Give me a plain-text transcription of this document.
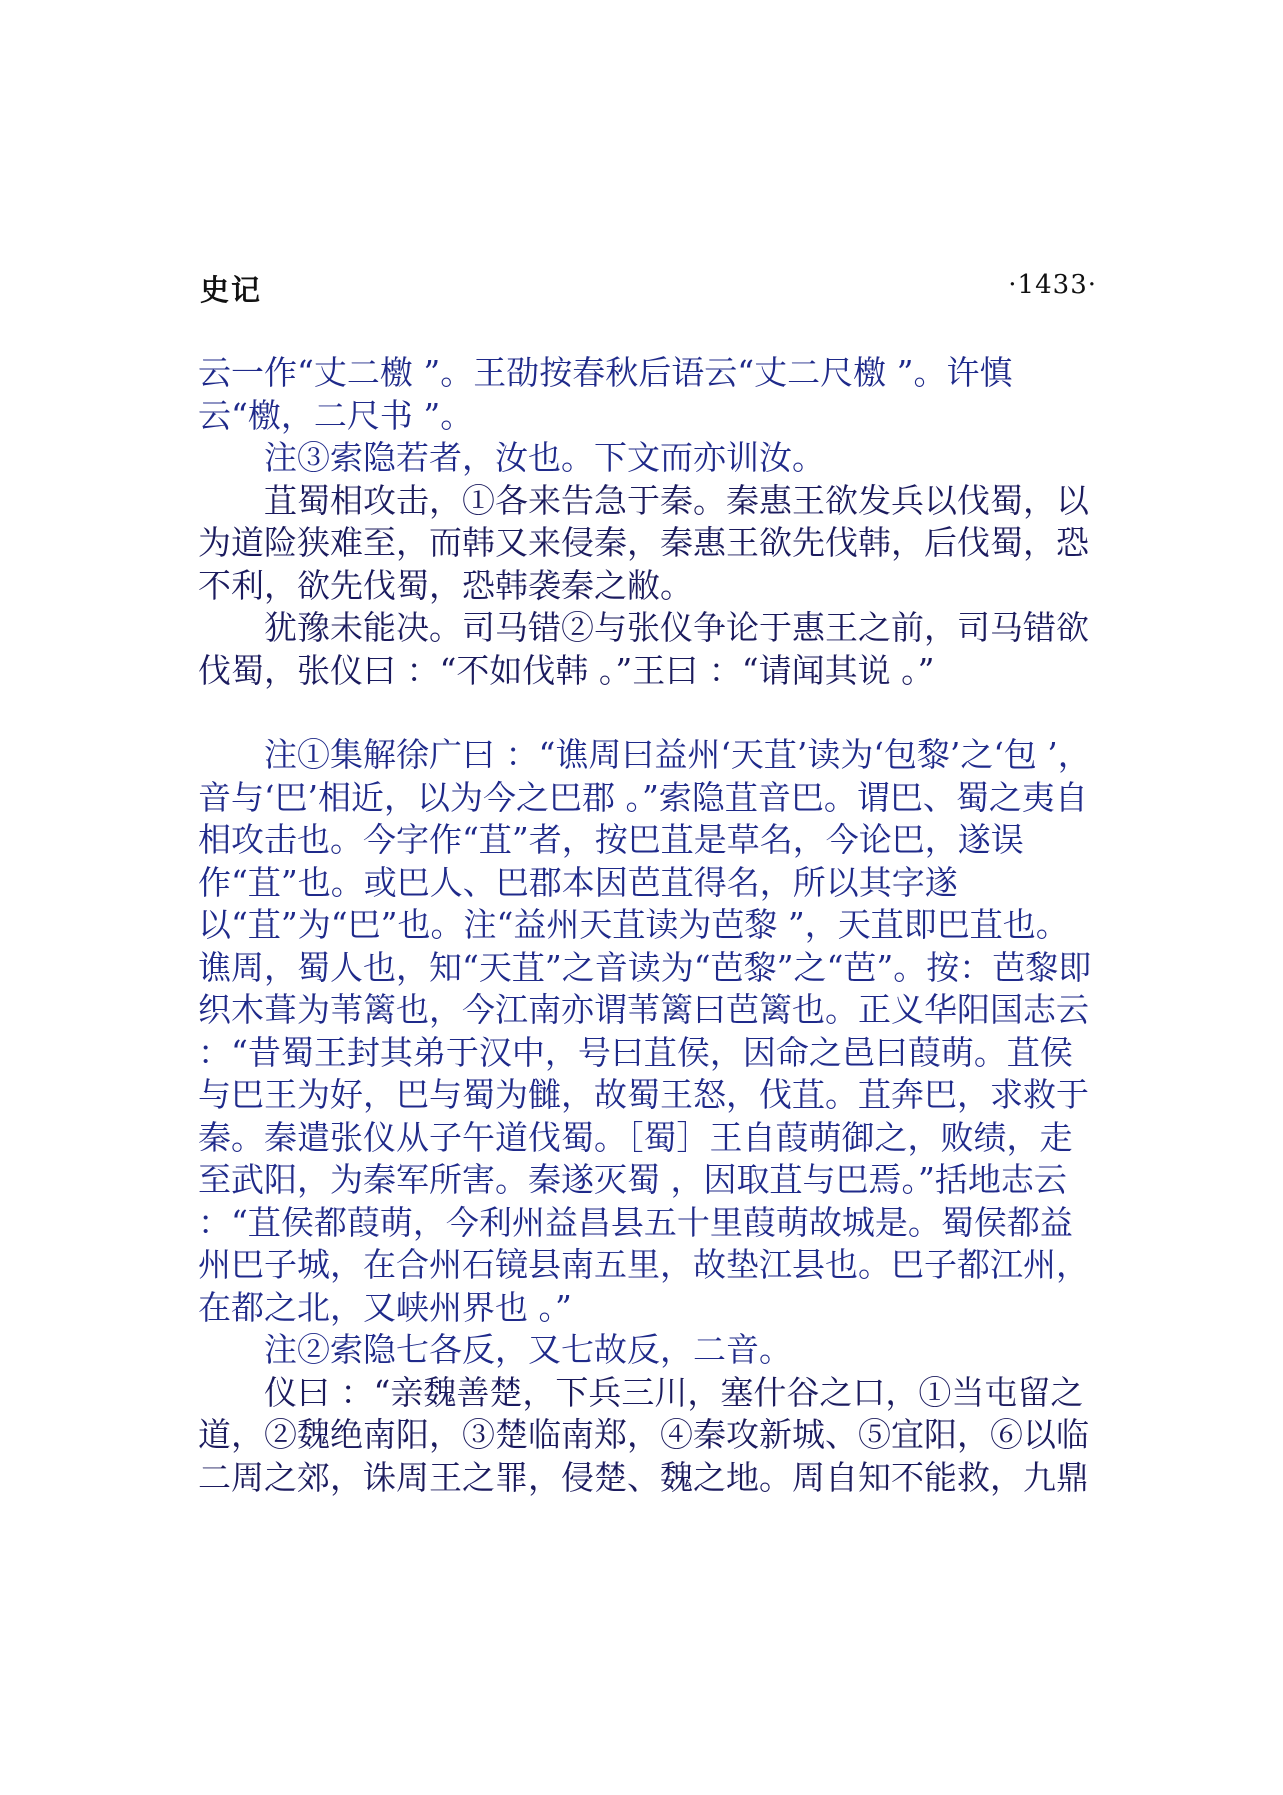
史记	·1433·

云一作“丈二檄 ”。王劭按春秋后语云“丈二尺檄 ”。许慎云“檄，二尺书 ”。

注③索隐若者，汝也。下文而亦训汝。

苴蜀相攻击，①各来告急于秦。秦惠王欲发兵以伐蜀，以为道险狭难至，而韩又来侵秦，秦惠王欲先伐韩，后伐蜀，恐不利，欲先伐蜀，恐韩袭秦之敝。

犹豫未能决。司马错②与张仪争论于惠王之前，司马错欲伐蜀，张仪曰 ：“不如伐韩 。”王曰 ：“请闻其说 。”

注①集解徐广曰 ：“谯周曰益州‘天苴’读为‘包黎’之‘包 ’，音与‘巴’相近，以为今之巴郡 。”索隐苴音巴。谓巴、蜀之夷自相攻击也。今字作“苴”者，按巴苴是草名，今论巴，遂误作“苴”也。或巴人、巴郡本因芭苴得名，所以其字遂以“苴”为“巴”也。注“益州天苴读为芭黎 ”，天苴即巴苴也。谯周，蜀人也，知“天苴”之音读为“芭黎”之“芭”。按：芭黎即织木葺为苇篱也，今江南亦谓苇篱曰芭篱也。正义华阳国志云 ：“昔蜀王封其弟于汉中，号曰苴侯，因命之邑曰葭萌。苴侯与巴王为好，巴与蜀为雠，故蜀王怒，伐苴。苴奔巴，求救于秦。秦遣张仪从子午道伐蜀。［蜀］王自葭萌御之，败绩，走至武阳，为秦军所害。秦遂灭蜀 ，因取苴与巴焉。”括地志云 ：“苴侯都葭萌，今利州益昌县五十里葭萌故城是。蜀侯都益州巴子城，在合州石镜县南五里，故垫江县也。巴子都江州，在都之北，又峡州界也 。”

注②索隐七各反，又七故反，二音。

仪曰 ：“亲魏善楚，下兵三川，塞什谷之口，①当屯留之道，②魏绝南阳，③楚临南郑，④秦攻新城、⑤宜阳，⑥以临二周之郊，诛周王之罪，侵楚、魏之地。周自知不能救，九鼎
